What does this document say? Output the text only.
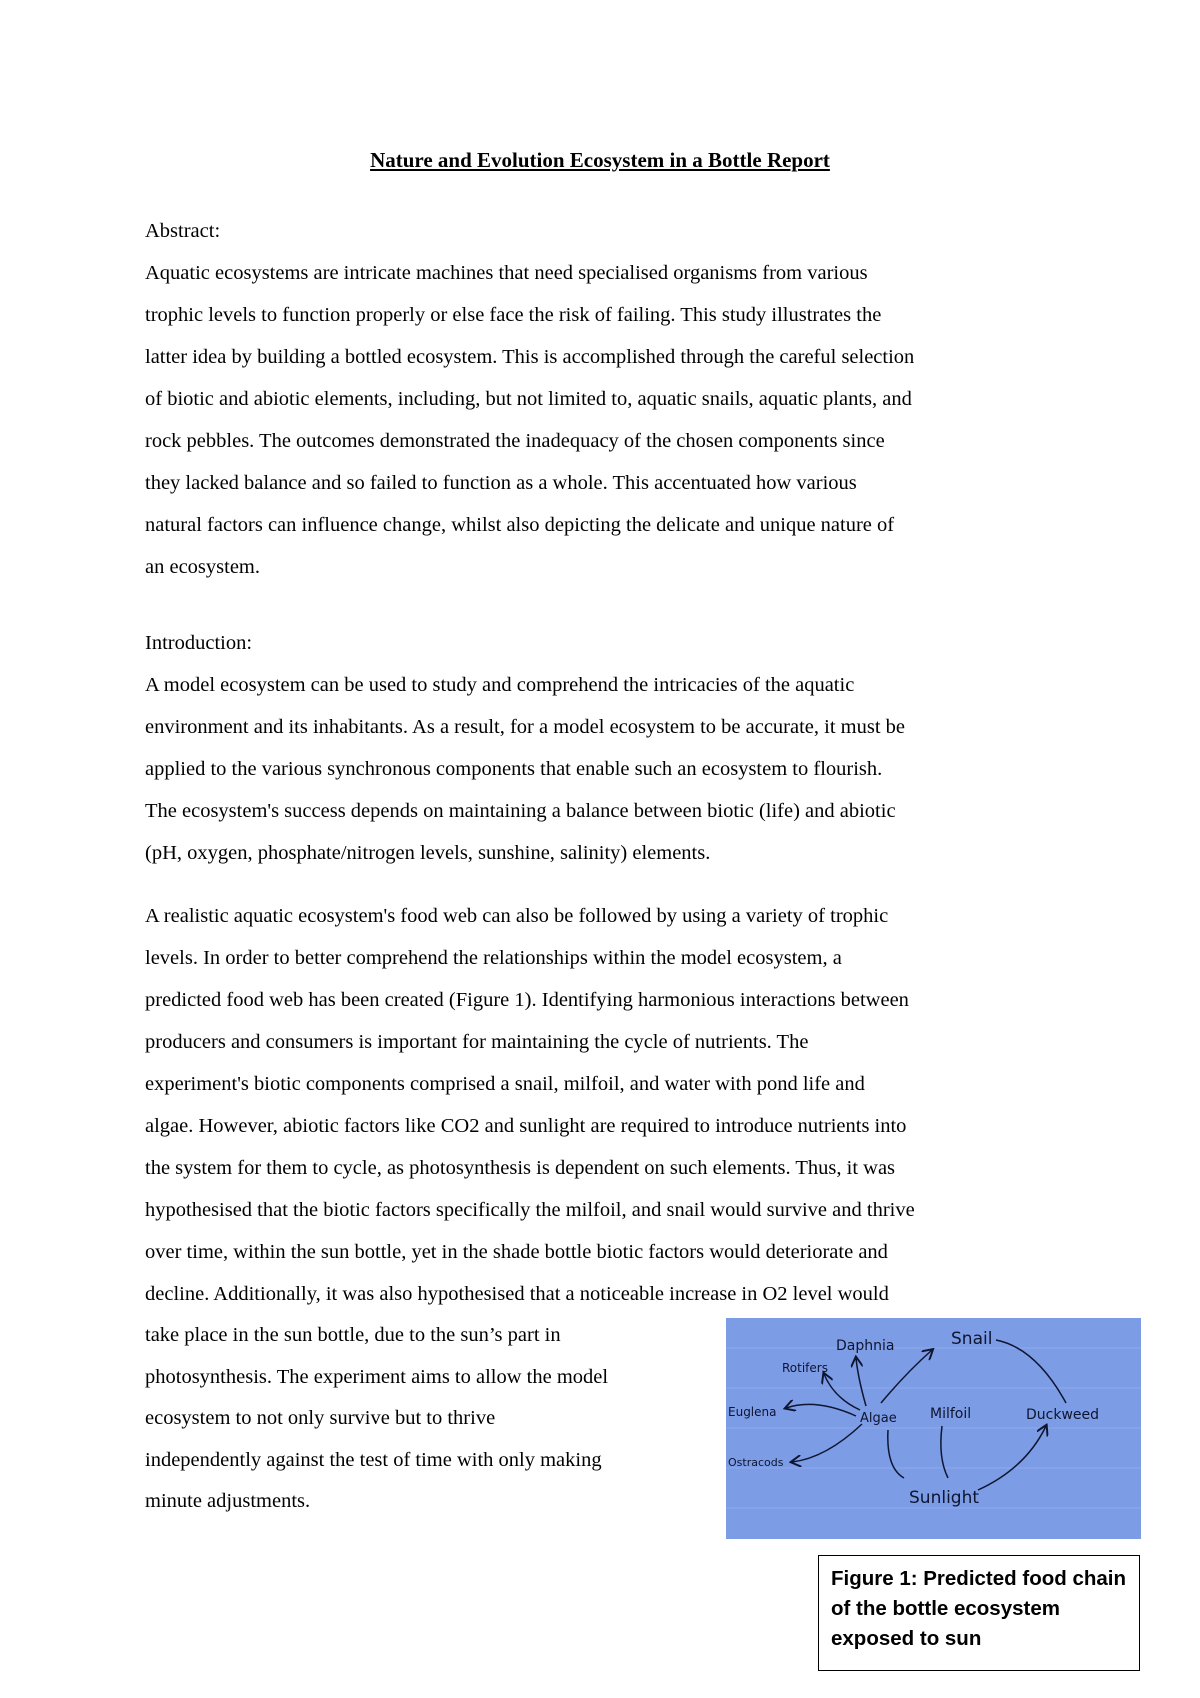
Nature and Evolution Ecosystem in a Bottle Report
Abstract:
Aquatic ecosystems are intricate machines that need specialised organisms from various
trophic levels to function properly or else face the risk of failing. This study illustrates the
latter idea by building a bottled ecosystem. This is accomplished through the careful selection
of biotic and abiotic elements, including, but not limited to, aquatic snails, aquatic plants, and
rock pebbles. The outcomes demonstrated the inadequacy of the chosen components since
they lacked balance and so failed to function as a whole. This accentuated how various
natural factors can influence change, whilst also depicting the delicate and unique nature of
an ecosystem.
Introduction:
A model ecosystem can be used to study and comprehend the intricacies of the aquatic
environment and its inhabitants. As a result, for a model ecosystem to be accurate, it must be
applied to the various synchronous components that enable such an ecosystem to flourish.
The ecosystem's success depends on maintaining a balance between biotic (life) and abiotic
(pH, oxygen, phosphate/nitrogen levels, sunshine, salinity) elements.
A realistic aquatic ecosystem's food web can also be followed by using a variety of trophic
levels. In order to better comprehend the relationships within the model ecosystem, a
predicted food web has been created (Figure 1). Identifying harmonious interactions between
producers and consumers is important for maintaining the cycle of nutrients. The
experiment's biotic components comprised a snail, milfoil, and water with pond life and
algae. However, abiotic factors like CO2 and sunlight are required to introduce nutrients into
the system for them to cycle, as photosynthesis is dependent on such elements. Thus, it was
hypothesised that the biotic factors specifically the milfoil, and snail would survive and thrive
over time, within the sun bottle, yet in the shade bottle biotic factors would deteriorate and
decline. Additionally, it was also hypothesised that a noticeable increase in O2 level would
take place in the sun bottle, due to the sun’s part in
photosynthesis. The experiment aims to allow the model
ecosystem to not only survive but to thrive
independently against the test of time with only making
minute adjustments.
Daphnia	Snail
Rotifers
Euglena	Algae Milfoil	Duckweed
Ostracods
Sunlight
Figure 1: Predicted food chain
of the bottle ecosystem
exposed to sun
